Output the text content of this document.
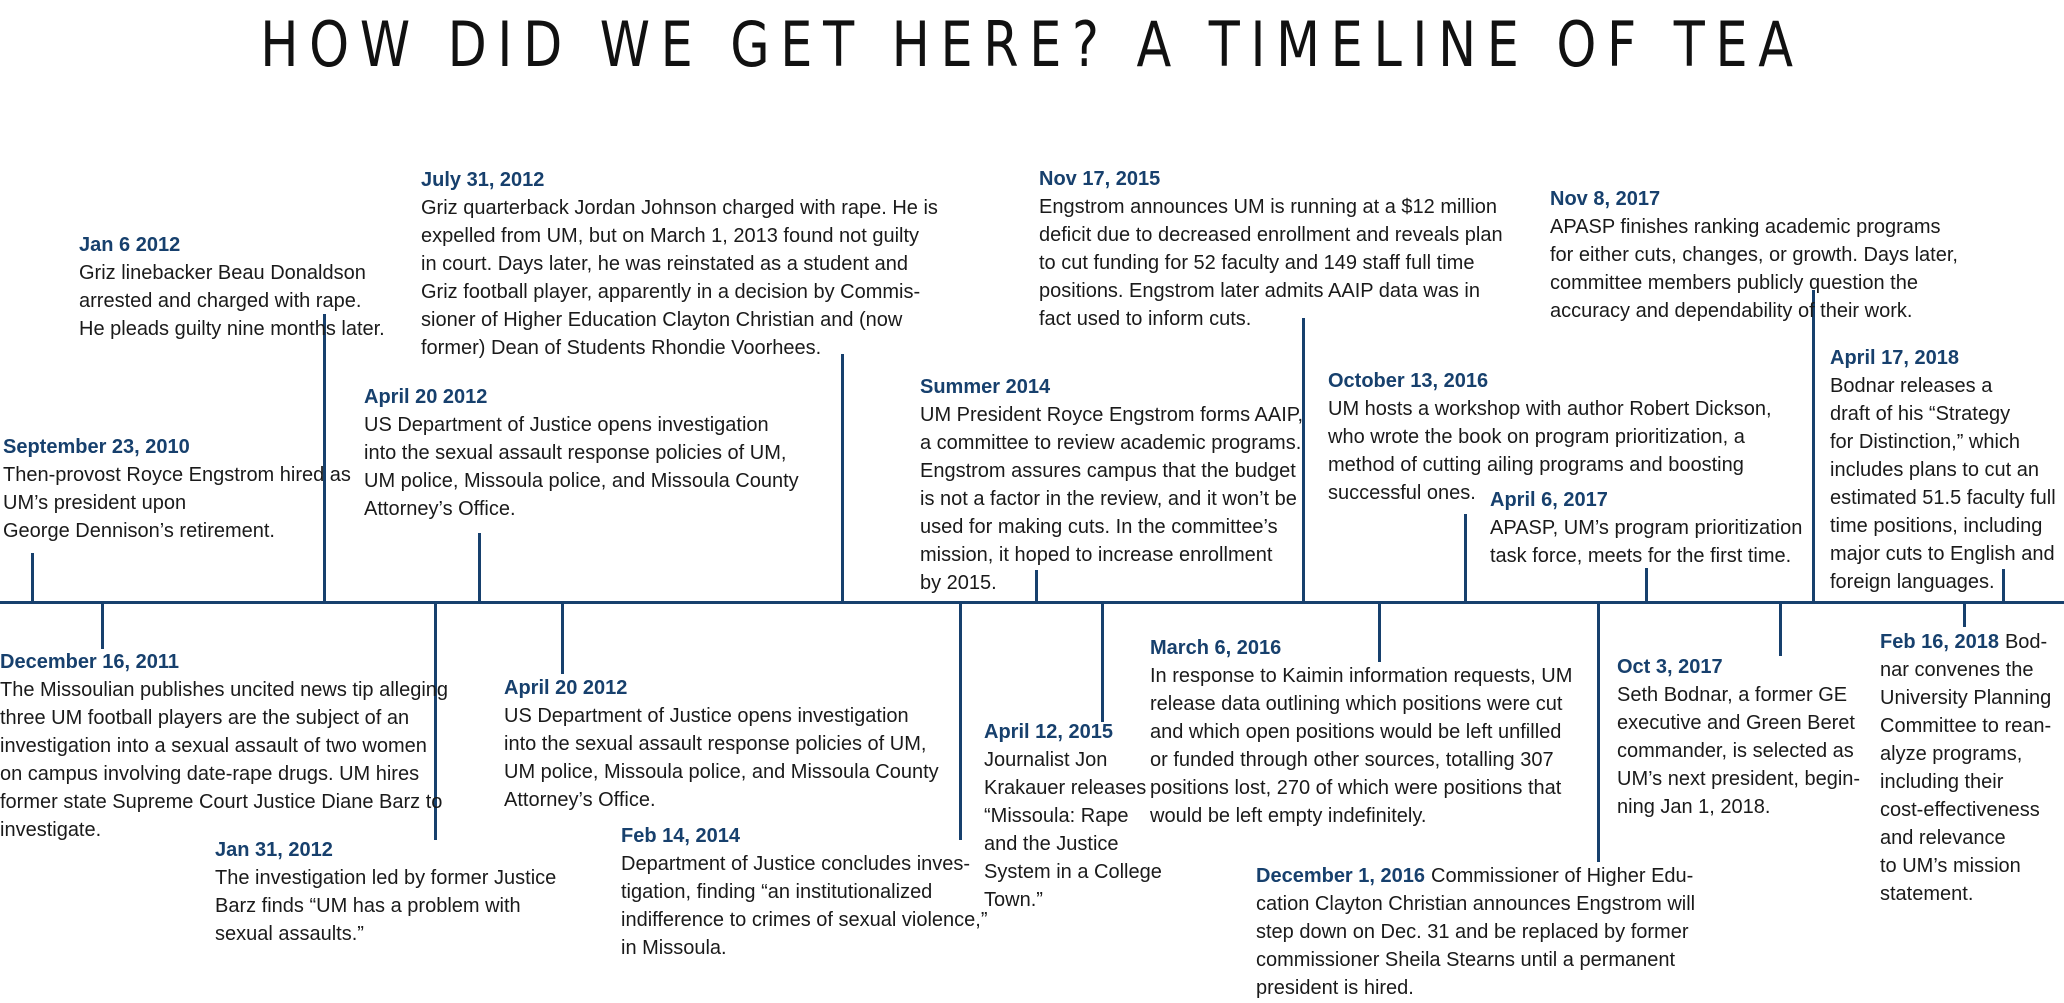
HOW DID WE GET HERE? A TIMELINE OF TEA
September 23, 2010
Then-provost Royce Engstrom hired as
UM’s president upon
George Dennison’s retirement.
Jan 6 2012
Griz linebacker Beau Donaldson
arrested and charged with rape.
He pleads guilty nine months later.
July 31, 2012
Griz quarterback Jordan Johnson charged with rape. He is
expelled from UM, but on March 1, 2013 found not guilty
in court. Days later, he was reinstated as a student and
Griz football player, apparently in a decision by Commis-
sioner of Higher Education Clayton Christian and (now
former) Dean of Students Rhondie Voorhees.
April 20 2012
US Department of Justice opens investigation
into the sexual assault response policies of UM,
UM police, Missoula police, and Missoula County
Attorney’s Office.
Summer 2014
UM President Royce Engstrom forms AAIP,
a committee to review academic programs.
Engstrom assures campus that the budget
is not a factor in the review, and it won’t be
used for making cuts. In the committee’s
mission, it hoped to increase enrollment
by 2015.
Nov 17, 2015
Engstrom announces UM is running at a $12 million
deficit due to decreased enrollment and reveals plan
to cut funding for 52 faculty and 149 staff full time
positions. Engstrom later admits AAIP data was in
fact used to inform cuts.
October 13, 2016
UM hosts a workshop with author Robert Dickson,
who wrote the book on program prioritization, a
method of cutting ailing programs and boosting
successful ones. April 6, 2017
APASP, UM’s program prioritization
task force, meets for the first time.
Nov 8, 2017
APASP finishes ranking academic programs
for either cuts, changes, or growth. Days later,
committee members publicly question the
accuracy and dependability of their work.
April 17, 2018
Bodnar releases a
draft of his “Strategy
for Distinction,” which
includes plans to cut an
estimated 51.5 faculty full
time positions, including
major cuts to English and
foreign languages.
December 16, 2011
The Missoulian publishes uncited news tip alleging
three UM football players are the subject of an
investigation into a sexual assault of two women
on campus involving date-rape drugs. UM hires
former state Supreme Court Justice Diane Barz to
investigate.
Jan 31, 2012
The investigation led by former Justice
Barz finds “UM has a problem with
sexual assaults.”
April 20 2012
US Department of Justice opens investigation
into the sexual assault response policies of UM,
UM police, Missoula police, and Missoula County
Attorney’s Office.
Feb 14, 2014
Department of Justice concludes inves-
tigation, finding “an institutionalized
indifference to crimes of sexual violence,”
in Missoula.
April 12, 2015
Journalist Jon
Krakauer releases
“Missoula: Rape
and the Justice
System in a College
Town.”
March 6, 2016
In response to Kaimin information requests, UM
release data outlining which positions were cut
and which open positions would be left unfilled
or funded through other sources, totalling 307
positions lost, 270 of which were positions that
would be left empty indefinitely.
December 1, 2016 Commissioner of Higher Edu-
cation Clayton Christian announces Engstrom will
step down on Dec. 31 and be replaced by former
commissioner Sheila Stearns until a permanent
president is hired.
Oct 3, 2017
Seth Bodnar, a former GE
executive and Green Beret
commander, is selected as
UM’s next president, begin-
ning Jan 1, 2018.
Feb 16, 2018 Bod-
nar convenes the
University Planning
Committee to rean-
alyze programs,
including their
cost-effectiveness
and relevance
to UM’s mission
statement.
